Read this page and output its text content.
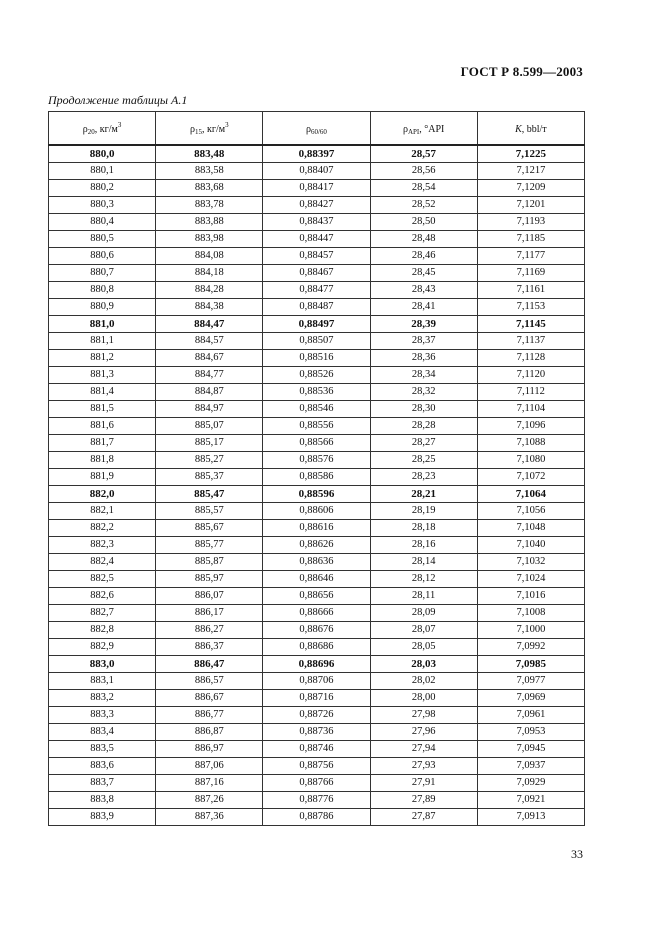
ГОСТ Р 8.599—2003
Продолжение таблицы А.1
$\rho_{20}$, $кг/м^3$	$\rho_{15}$, $кг/м^3$	$\rho_{60/60}$	$\rho_{API}$, °API	K, bbl/т
880,0	883,48	0,88397	28,57	7,1225
880,1	883,58	0,88407	28,56	7,1217
880,2	883,68	0,88417	28,54	7,1209
880,3	883,78	0,88427	28,52	7,1201
880,4	883,88	0,88437	28,50	7,1193
880,5	883,98	0,88447	28,48	7,1185
880,6	884,08	0,88457	28,46	7,1177
880,7	884,18	0,88467	28,45	7,1169
880,8	884,28	0,88477	28,43	7,1161
880,9	884,38	0,88487	28,41	7,1153
881,0	884,47	0,88497	28,39	7,1145
881,1	884,57	0,88507	28,37	7,1137
881,2	884,67	0,88516	28,36	7,1128
881,3	884,77	0,88526	28,34	7,1120
881,4	884,87	0,88536	28,32	7,1112
881,5	884,97	0,88546	28,30	7,1104
881,6	885,07	0,88556	28,28	7,1096
881,7	885,17	0,88566	28,27	7,1088
881,8	885,27	0,88576	28,25	7,1080
881,9	885,37	0,88586	28,23	7,1072
882,0	885,47	0,88596	28,21	7,1064
882,1	885,57	0,88606	28,19	7,1056
882,2	885,67	0,88616	28,18	7,1048
882,3	885,77	0,88626	28,16	7,1040
882,4	885,87	0,88636	28,14	7,1032
882,5	885,97	0,88646	28,12	7,1024
882,6	886,07	0,88656	28,11	7,1016
882,7	886,17	0,88666	28,09	7,1008
882,8	886,27	0,88676	28,07	7,1000
882,9	886,37	0,88686	28,05	7,0992
883,0	886,47	0,88696	28,03	7,0985
883,1	886,57	0,88706	28,02	7,0977
883,2	886,67	0,88716	28,00	7,0969
883,3	886,77	0,88726	27,98	7,0961
883,4	886,87	0,88736	27,96	7,0953
883,5	886,97	0,88746	27,94	7,0945
883,6	887,06	0,88756	27,93	7,0937
883,7	887,16	0,88766	27,91	7,0929
883,8	887,26	0,88776	27,89	7,0921
883,9	887,36	0,88786	27,87	7,0913
33
